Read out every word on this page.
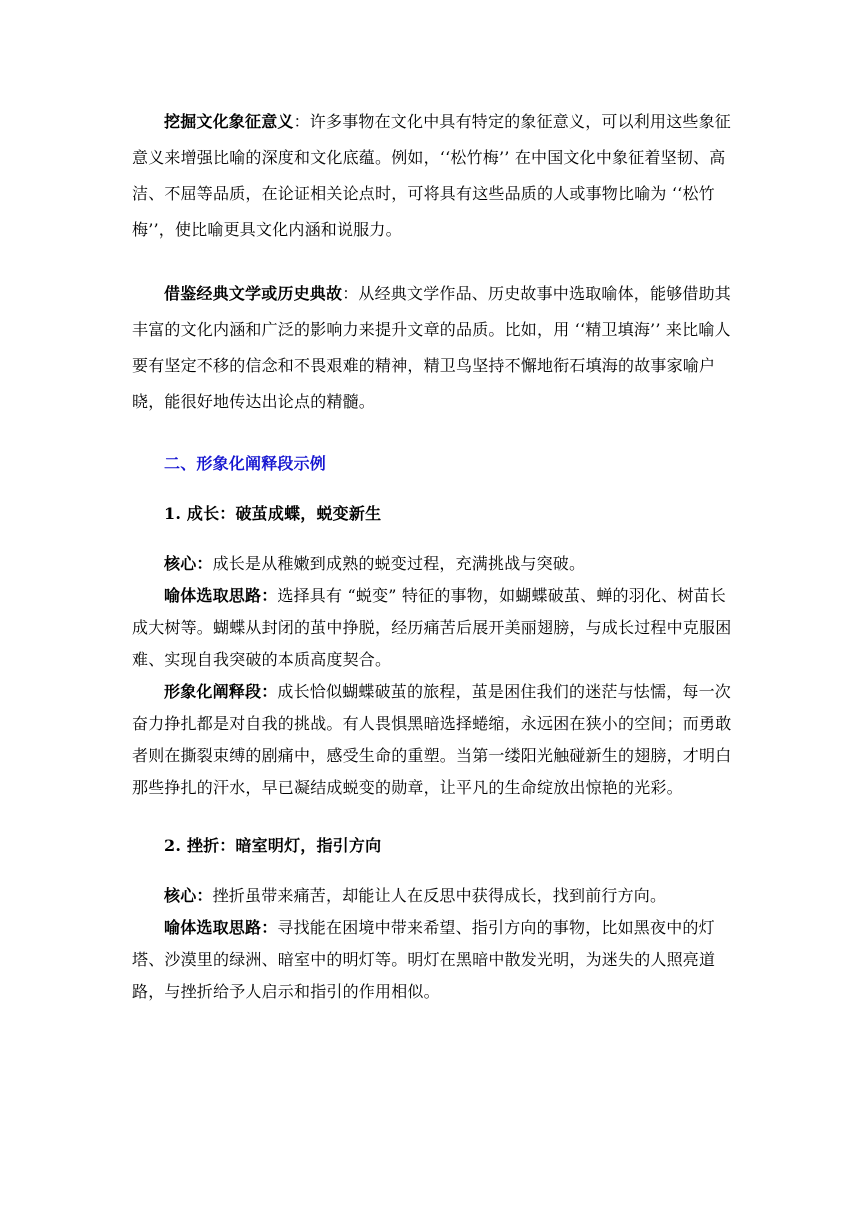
挖掘文化象征意义：许多事物在文化中具有特定的象征意义，可以利用这些象征意义来增强比喻的深度和文化底蕴。例如，‘‘松竹梅’’ 在中国文化中象征着坚韧、高洁、不屈等品质，在论证相关论点时，可将具有这些品质的人或事物比喻为 ‘‘松竹梅’’，使比喻更具文化内涵和说服力。

借鉴经典文学或历史典故：从经典文学作品、历史故事中选取喻体，能够借助其丰富的文化内涵和广泛的影响力来提升文章的品质。比如，用 ‘‘精卫填海’’ 来比喻人要有坚定不移的信念和不畏艰难的精神，精卫鸟坚持不懈地衔石填海的故事家喻户晓，能很好地传达出论点的精髓。

二、形象化阐释段示例

1. 成长：破茧成蝶，蜕变新生

核心：成长是从稚嫩到成熟的蜕变过程，充满挑战与突破。

喻体选取思路：选择具有 “蜕变” 特征的事物，如蝴蝶破茧、蝉的羽化、树苗长成大树等。蝴蝶从封闭的茧中挣脱，经历痛苦后展开美丽翅膀，与成长过程中克服困难、实现自我突破的本质高度契合。

形象化阐释段：成长恰似蝴蝶破茧的旅程，茧是困住我们的迷茫与怯懦，每一次奋力挣扎都是对自我的挑战。有人畏惧黑暗选择蜷缩，永远困在狭小的空间；而勇敢者则在撕裂束缚的剧痛中，感受生命的重塑。当第一缕阳光触碰新生的翅膀，才明白那些挣扎的汗水，早已凝结成蜕变的勋章，让平凡的生命绽放出惊艳的光彩。

2. 挫折：暗室明灯，指引方向

核心：挫折虽带来痛苦，却能让人在反思中获得成长，找到前行方向。

喻体选取思路：寻找能在困境中带来希望、指引方向的事物，比如黑夜中的灯塔、沙漠里的绿洲、暗室中的明灯等。明灯在黑暗中散发光明，为迷失的人照亮道路，与挫折给予人启示和指引的作用相似。
